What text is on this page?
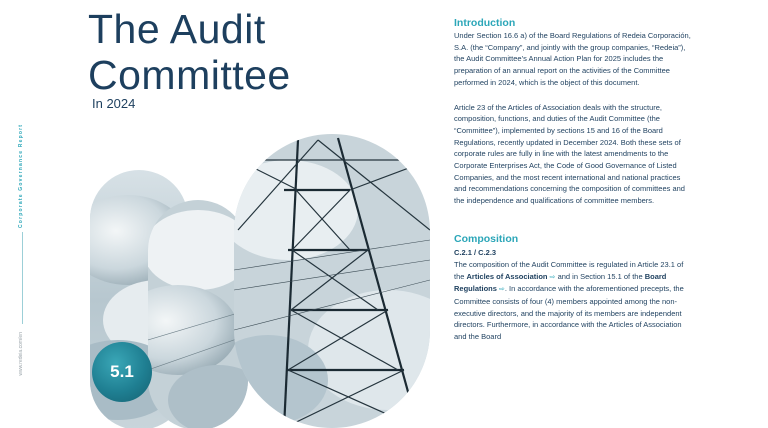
Corporate Governance Report
www.redeia.com/en
The Audit
Committee
In 2024
5.1
Introduction

Under Section 16.6 a) of the Board Regulations of Redeia Corporación, S.A. (the “Company”, and jointly with the group companies, “Redeia”), the Audit Committee’s Annual Action Plan for 2025 includes the preparation of an annual report on the activities of the Committee performed in 2024, which is the object of this document.

Article 23 of the Articles of Association deals with the structure, composition, functions, and duties of the Audit Committee (the “Committee”), implemented by sections 15 and 16 of the Board Regulations, recently updated in December 2024. Both these sets of corporate rules are fully in line with the latest amendments to the Corporate Enterprises Act, the Code of Good Governance of Listed Companies, and the most recent international and national practices and recommendations concerning the composition of committees and the independence and qualifications of committee members.

Composition
C.2.1 / C.2.3

The composition of the Audit Committee is regulated in Article 23.1 of the Articles of Association ⇨ and in Section 15.1 of the Board Regulations ⇨. In accordance with the aforementioned precepts, the Committee consists of four (4) members appointed among the non-executive directors, and the majority of its members are independent directors. Furthermore, in accordance with the Articles of Association and the Board
